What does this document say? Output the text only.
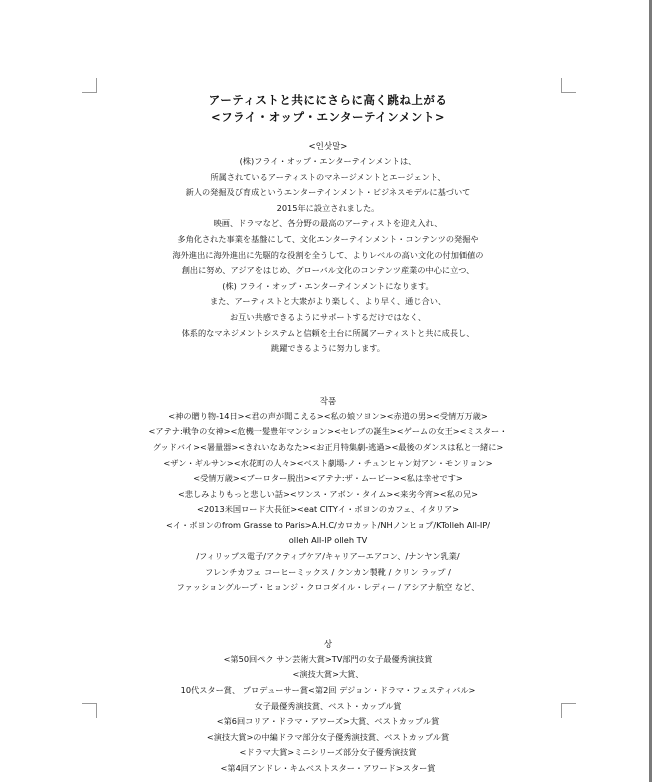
アーティストと共ににさらに高く跳ね上がる
<フライ・オップ・エンターテインメント>
<인삿말>
(株)フライ・オップ・エンターテインメントは、
所属されているアーティストのマネージメントとエージェント、
新人の発掘及び育成というエンターテインメント・ビジネスモデルに基づいて
2015年に設立されました。
映画、ドラマなど、各分野の最高のアーティストを迎え入れ、
多角化された事業を基盤にして、文化エンターテインメント・コンテンツの発掘や
海外進出に海外進出に先駆的な役割を全うして、よりレベルの高い文化の付加価値の
創出に努め、アジアをはじめ、グローバル文化のコンテンツ産業の中心に立つ、
(株) フライ・オップ・エンターテインメントになります。
また、アーティストと大衆がより楽しく、より早く、通じ合い、
お互い共感できるようにサポートするだけではなく、
体系的なマネジメントシステムと信頼を土台に所属アーティストと共に成長し、
跳躍できるように努力します。
작품
<神の贈り物-14日><君の声が聞こえる><私の娘ソヨン><赤道の男><受情万万歳>
<アテナ:戦争の女神><危機一髪豊年マンション><セレブの誕生><ゲームの女王><ミスター・
グッドバイ><暑量器><きれいなあなた><お正月特集劇-逃過><最後のダンスは私と一緒に>
<ザン・ギルサン><水花町の人々><ベスト劇場-ノ・チュンヒャン対アン・モンリョン>
<受情万歳><ブーロター脱出><アテナ:ザ・ムービー><私は幸せです>
<悲しみよりもっと悲しい話><ワンス・アボン・タイム><来劣今宵><私の兄>
<2013米国ロード大長征><eat CITYイ・ボヨンのカフェ、イタリア>
<イ・ボヨンのfrom Grasse to Paris>A.H.C/カロカット/NHノンヒョプ/KTolleh All-IP/
olleh All-IP olleh TV
/フィリップス電子/アクティブケア/キャリアーエアコン、/ナンヤン乳業/
フレンチカフェ コーヒーミックス / クンカン製靴 / クリン ラップ /
ファッショングループ・ヒョンジ・クロコダイル・レディー / アシアナ航空 など、
상
<第50回ペク サン芸術大賞>TV部門の女子最優秀演技賞
<演技大賞>大賞、
10代スター賞、 プロデューサー賞<第2回 デジョン・ドラマ・フェスティバル>
女子最優秀演技賞、ベスト・カップル賞
<第6回コリア・ドラマ・アワーズ>大賞、ベストカップル賞
<演技大賞>の中編ドラマ部分女子優秀演技賞、ベストカップル賞
<ドラマ大賞>ミニシリーズ部分女子優秀演技賞
<第4回アンドレ・キムベストスター・アワード>スター賞
